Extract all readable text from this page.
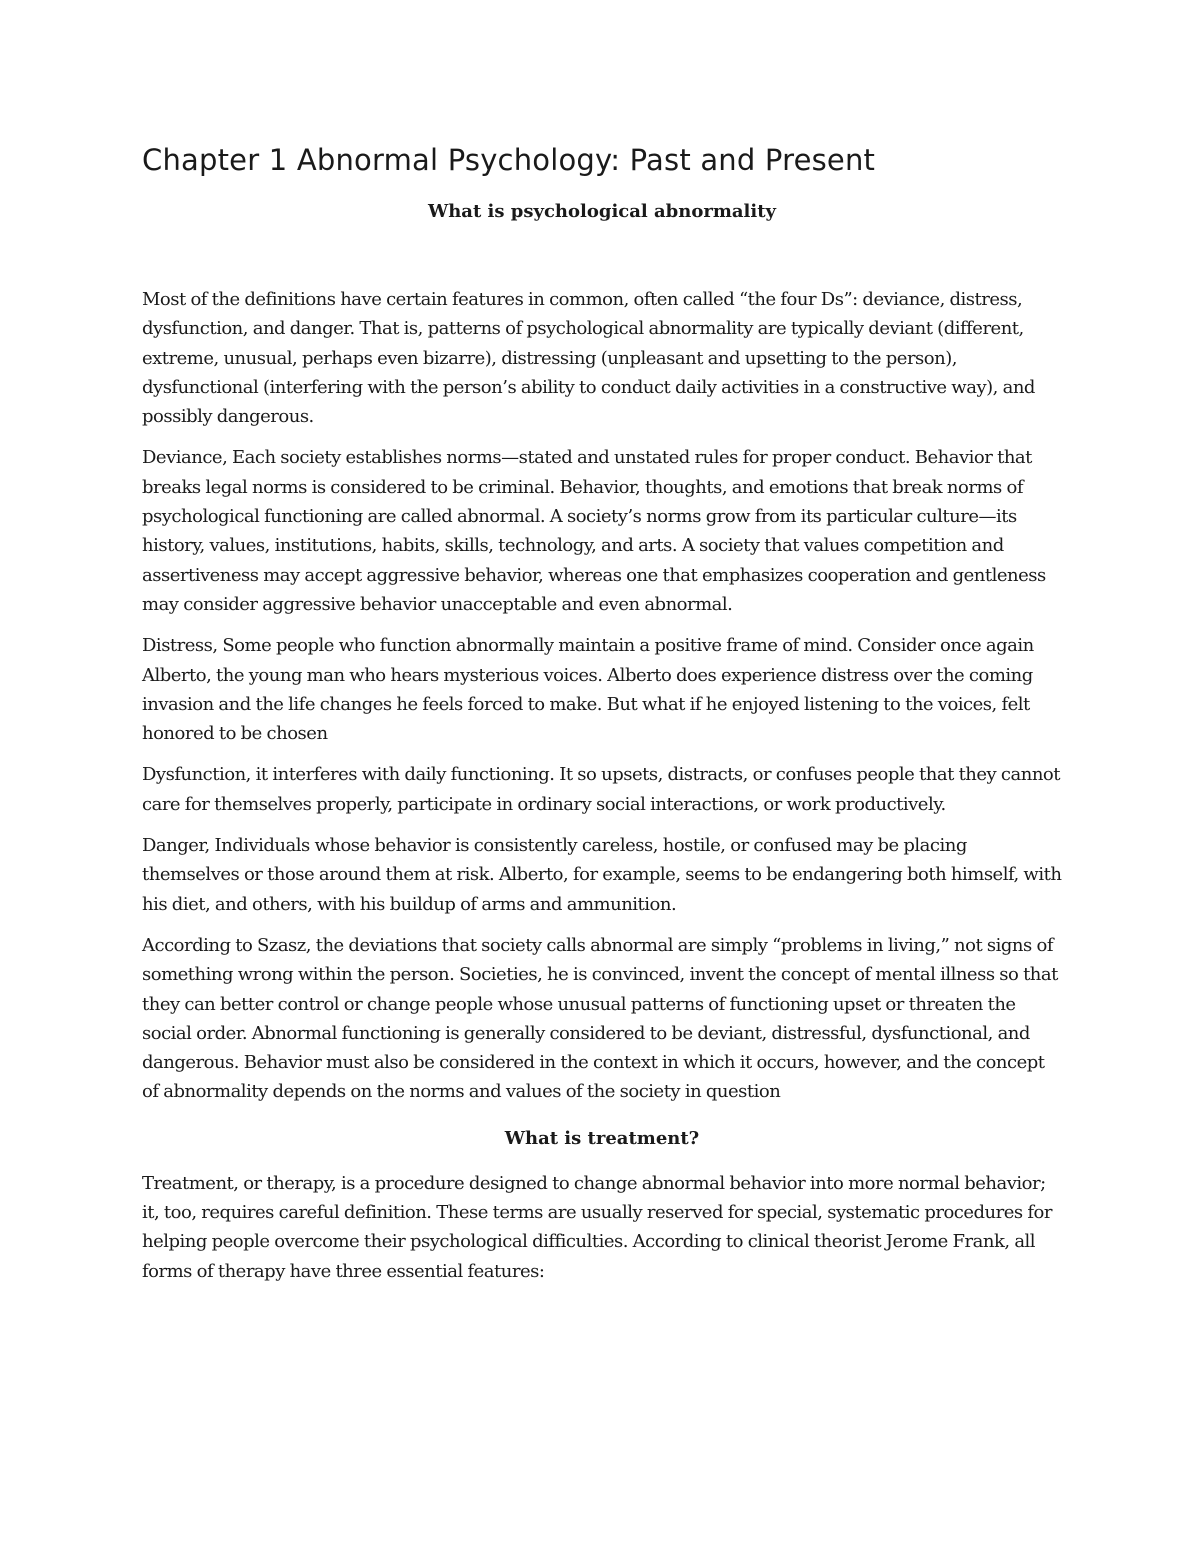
Chapter 1 Abnormal Psychology: Past and Present
What is psychological abnormality

Most of the definitions have certain features in common, often called “the four Ds”: deviance, distress, dysfunction, and danger. That is, patterns of psychological abnormality are typically deviant (different, extreme, unusual, perhaps even bizarre), distressing (unpleasant and upsetting to the person), dysfunctional (interfering with the person’s ability to conduct daily activities in a constructive way), and possibly dangerous.

Deviance, Each society establishes norms—stated and unstated rules for proper conduct. Behavior that breaks legal norms is considered to be criminal. Behavior, thoughts, and emotions that break norms of psychological functioning are called abnormal. A society’s norms grow from its particular culture—its history, values, institutions, habits, skills, technology, and arts. A society that values competition and assertiveness may accept aggressive behavior, whereas one that emphasizes cooperation and gentleness may consider aggressive behavior unacceptable and even abnormal.

Distress, Some people who function abnormally maintain a positive frame of mind. Consider once again Alberto, the young man who hears mysterious voices. Alberto does experience distress over the coming invasion and the life changes he feels forced to make. But what if he enjoyed listening to the voices, felt honored to be chosen

Dysfunction, it interferes with daily functioning. It so upsets, distracts, or confuses people that they cannot care for themselves properly, participate in ordinary social interactions, or work productively.

Danger, Individuals whose behavior is consistently careless, hostile, or confused may be placing themselves or those around them at risk. Alberto, for example, seems to be endangering both himself, with his diet, and others, with his buildup of arms and ammunition.

According to Szasz, the deviations that society calls abnormal are simply “problems in living,” not signs of something wrong within the person. Societies, he is convinced, invent the concept of mental illness so that they can better control or change people whose unusual patterns of functioning upset or threaten the social order. Abnormal functioning is generally considered to be deviant, distressful, dysfunctional, and dangerous. Behavior must also be considered in the context in which it occurs, however, and the concept of abnormality depends on the norms and values of the society in question

What is treatment?

Treatment, or therapy, is a procedure designed to change abnormal behavior into more normal behavior; it, too, requires careful definition. These terms are usually reserved for special, systematic procedures for helping people overcome their psychological difficulties. According to clinical theorist Jerome Frank, all forms of therapy have three essential features:
